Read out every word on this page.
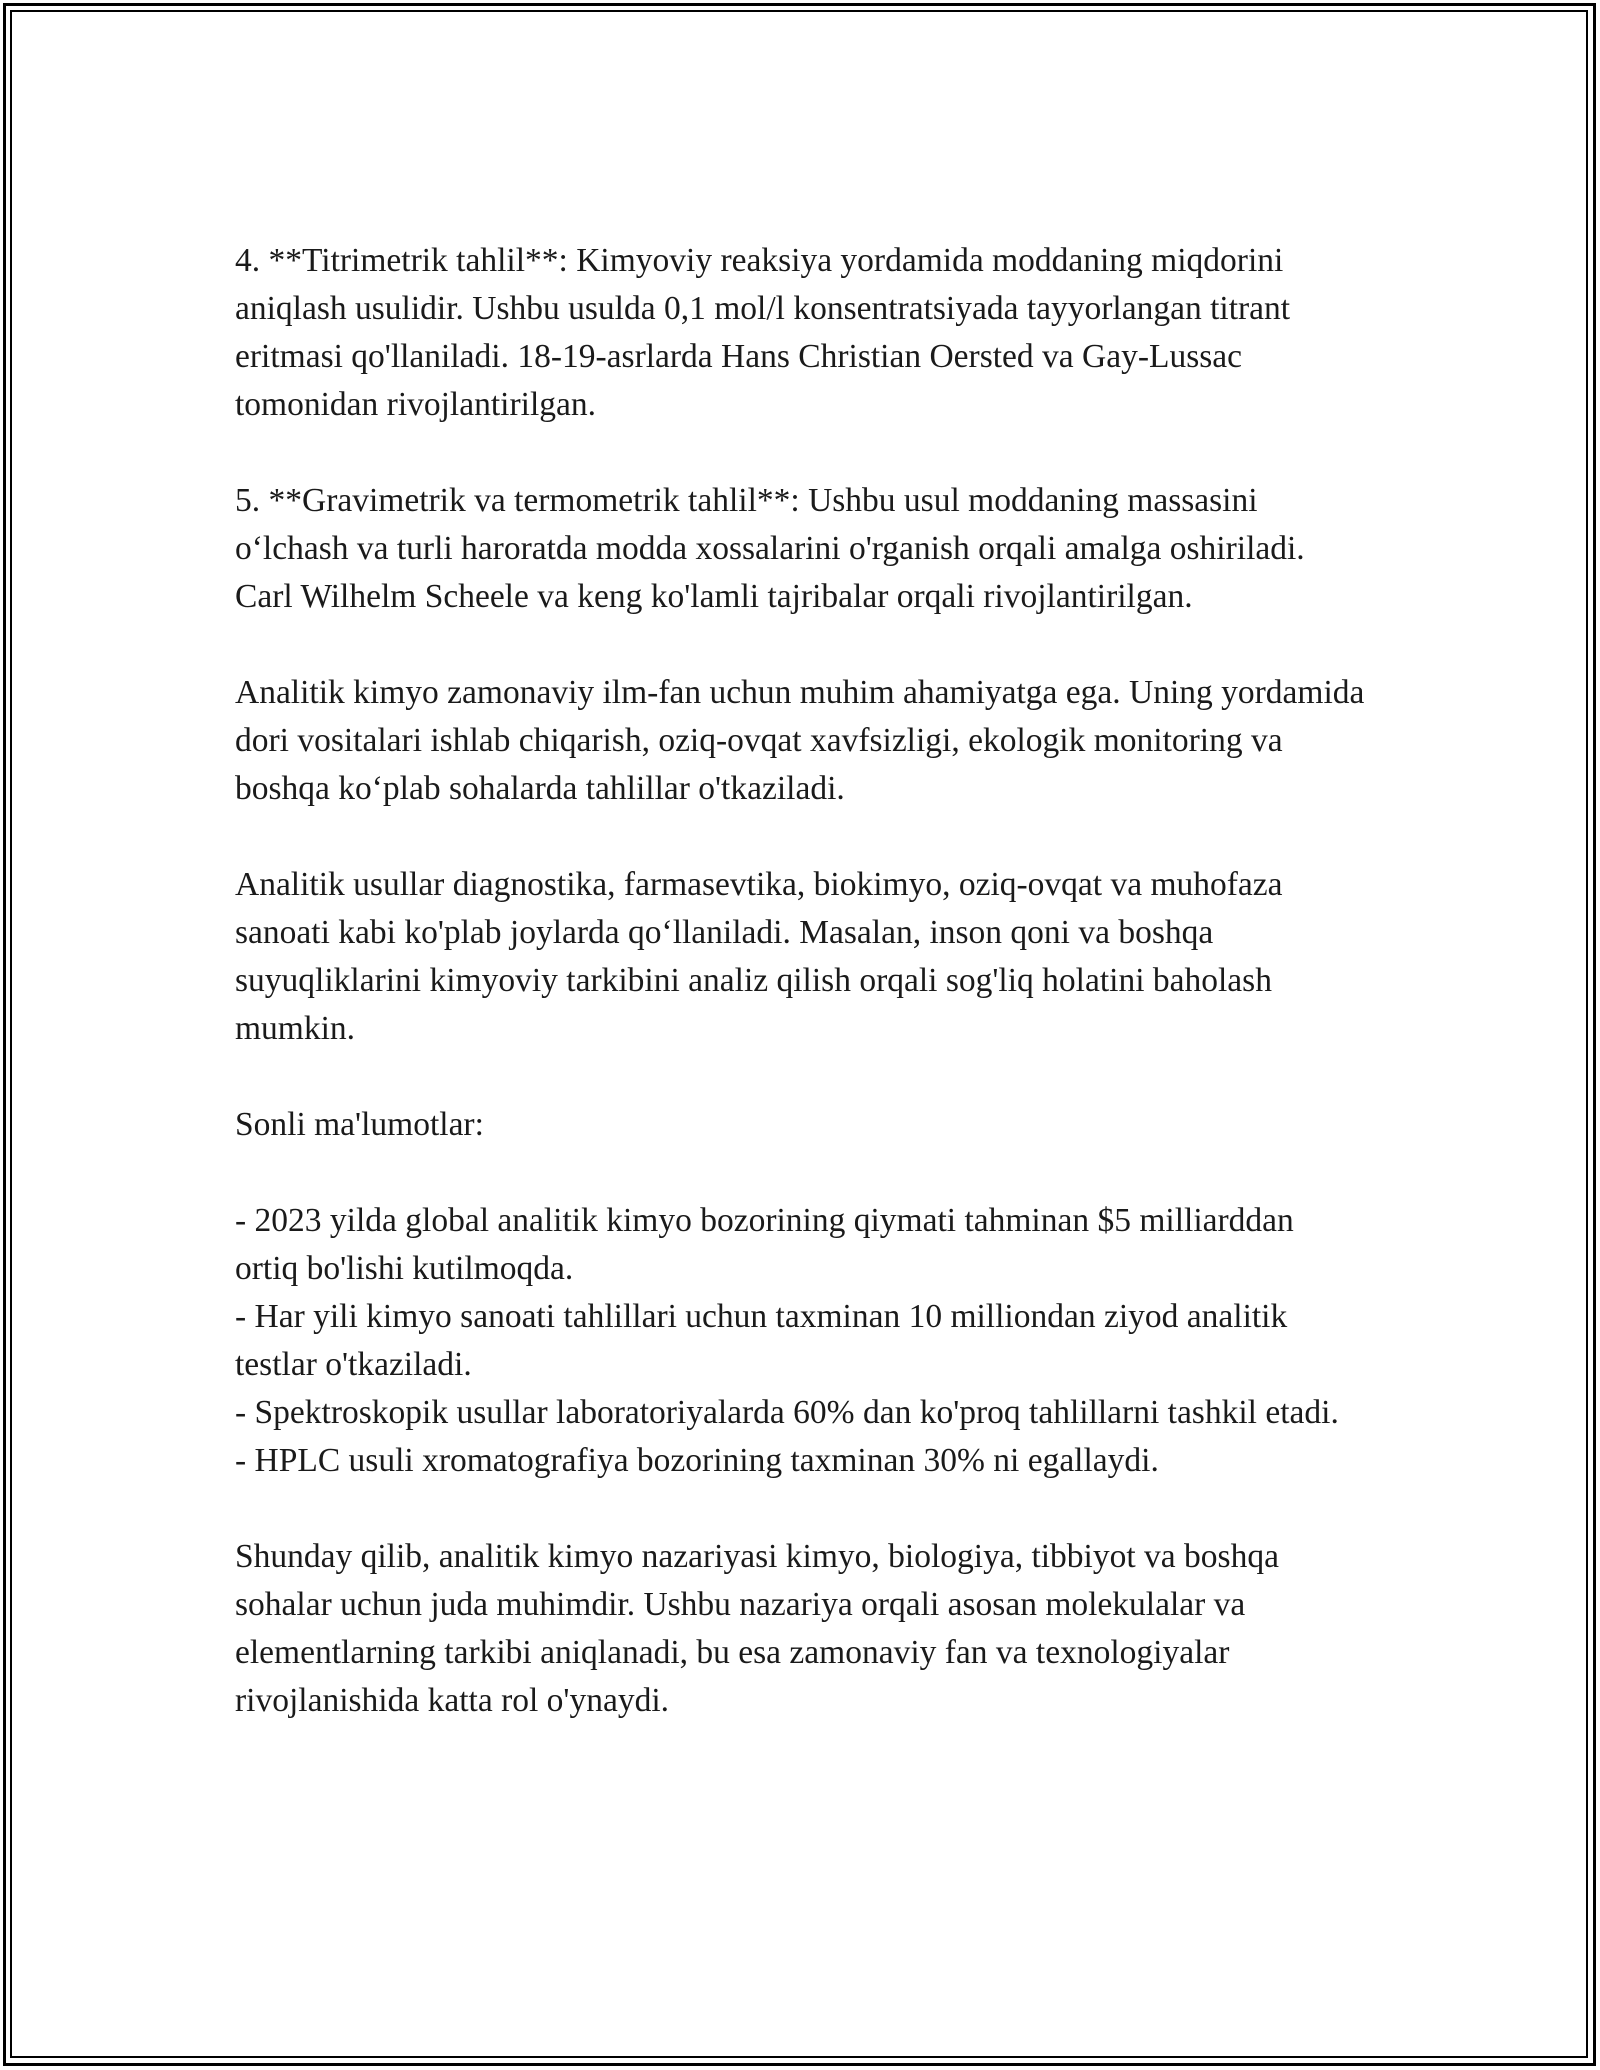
4. **Titrimetrik tahlil**: Kimyoviy reaksiya yordamida moddaning miqdorini aniqlash usulidir. Ushbu usulda 0,1 mol/l konsentratsiyada tayyorlangan titrant eritmasi qo'llaniladi. 18-19-asrlarda Hans Christian Oersted va Gay-Lussac tomonidan rivojlantirilgan.

5. **Gravimetrik va termometrik tahlil**: Ushbu usul moddaning massasini o‘lchash va turli haroratda modda xossalarini o'rganish orqali amalga oshiriladi. Carl Wilhelm Scheele va keng ko'lamli tajribalar orqali rivojlantirilgan.

Analitik kimyo zamonaviy ilm-fan uchun muhim ahamiyatga ega. Uning yordamida dori vositalari ishlab chiqarish, oziq-ovqat xavfsizligi, ekologik monitoring va boshqa ko‘plab sohalarda tahlillar o'tkaziladi.

Analitik usullar diagnostika, farmasevtika, biokimyo, oziq-ovqat va muhofaza sanoati kabi ko'plab joylarda qo‘llaniladi. Masalan, inson qoni va boshqa suyuqliklarini kimyoviy tarkibini analiz qilish orqali sog'liq holatini baholash mumkin.

Sonli ma'lumotlar:

- 2023 yilda global analitik kimyo bozorining qiymati tahminan $5 milliarddan ortiq bo'lishi kutilmoqda.
- Har yili kimyo sanoati tahlillari uchun taxminan 10 milliondan ziyod analitik testlar o'tkaziladi.
- Spektroskopik usullar laboratoriyalarda 60% dan ko'proq tahlillarni tashkil etadi.
- HPLC usuli xromatografiya bozorining taxminan 30% ni egallaydi.

Shunday qilib, analitik kimyo nazariyasi kimyo, biologiya, tibbiyot va boshqa sohalar uchun juda muhimdir. Ushbu nazariya orqali asosan molekulalar va elementlarning tarkibi aniqlanadi, bu esa zamonaviy fan va texnologiyalar rivojlanishida katta rol o'ynaydi.
